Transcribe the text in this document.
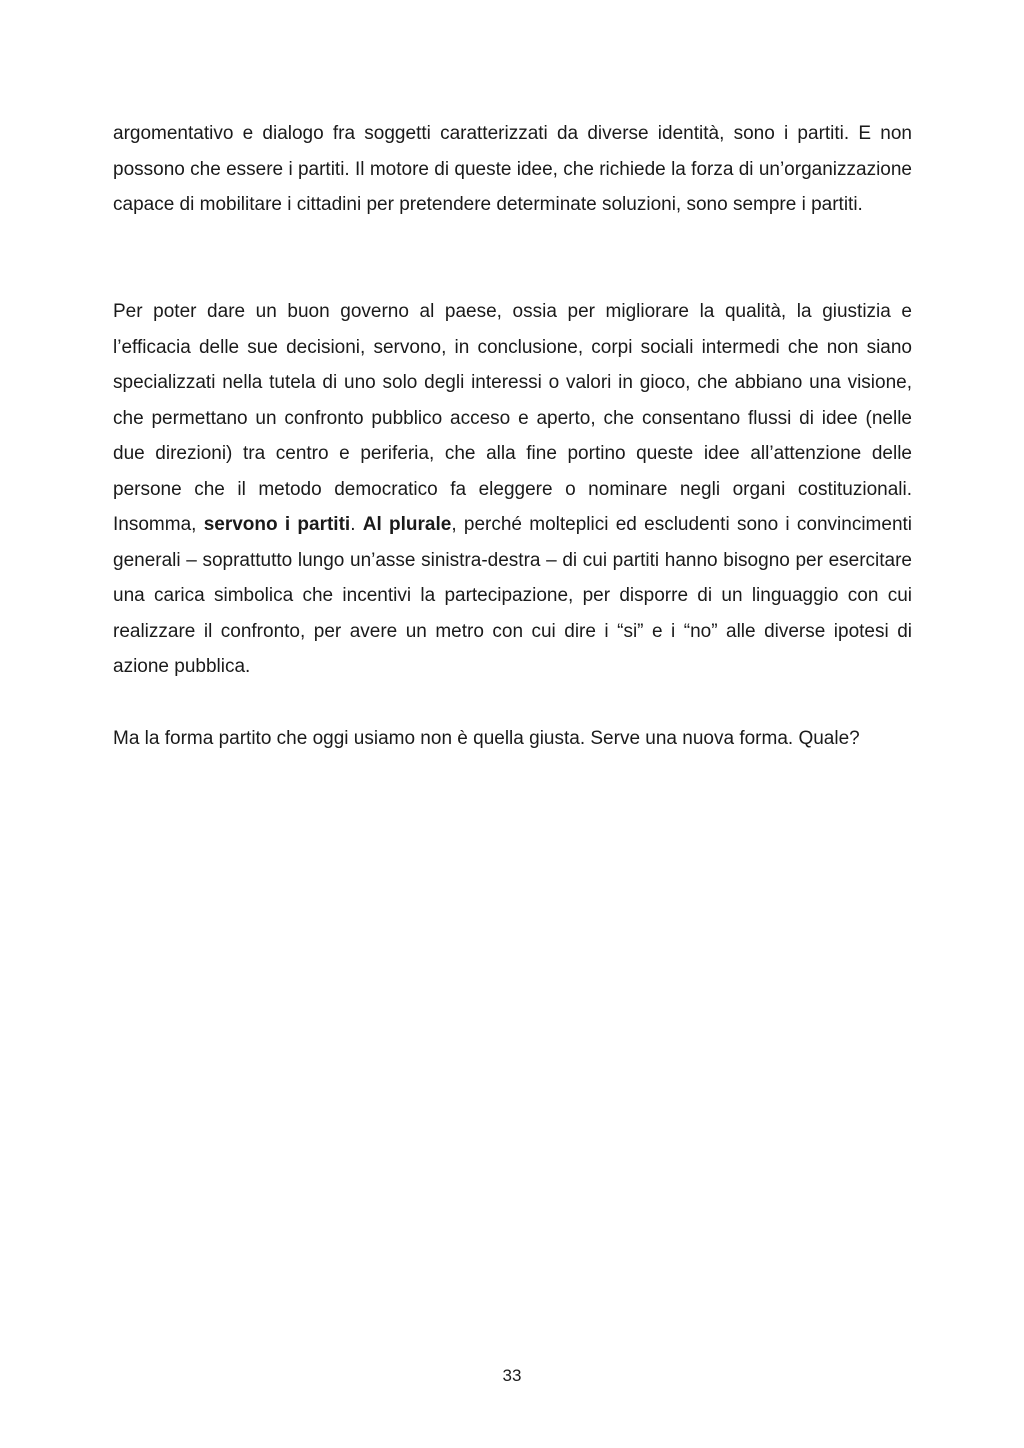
argomentativo e dialogo fra soggetti caratterizzati da diverse identità, sono i partiti. E non possono che essere i partiti. Il motore di queste idee, che richiede la forza di un’organizzazione capace di mobilitare i cittadini per pretendere determinate soluzioni, sono sempre i partiti.

Per poter dare un buon governo al paese, ossia per migliorare la qualità, la giustizia e l’efficacia delle sue decisioni, servono, in conclusione, corpi sociali intermedi che non siano specializzati nella tutela di uno solo degli interessi o valori in gioco, che abbiano una visione, che permettano un confronto pubblico acceso e aperto, che consentano flussi di idee (nelle due direzioni) tra centro e periferia, che alla fine portino queste idee all’attenzione delle persone che il metodo democratico fa eleggere o nominare negli organi costituzionali. Insomma, servono i partiti. Al plurale, perché molteplici ed escludenti sono i convincimenti generali – soprattutto lungo un’asse sinistra-destra – di cui partiti hanno bisogno per esercitare una carica simbolica che incentivi la partecipazione, per disporre di un linguaggio con cui realizzare il confronto, per avere un metro con cui dire i “si” e i “no” alle diverse ipotesi di azione pubblica.

Ma la forma partito che oggi usiamo non è quella giusta. Serve una nuova forma. Quale?

33
